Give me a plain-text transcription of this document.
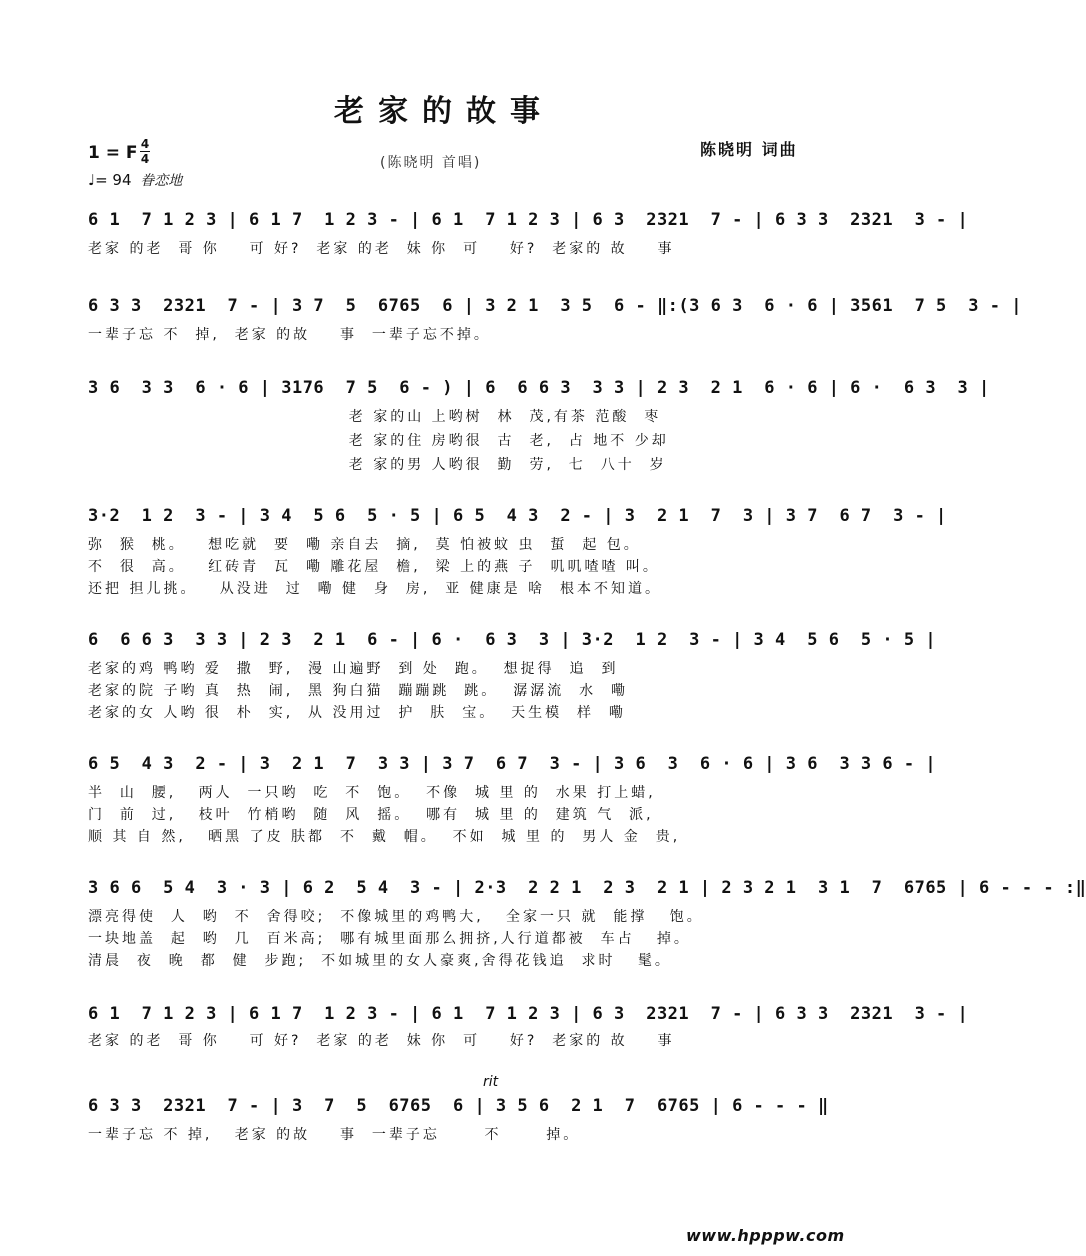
老家的故事
1 = F 4
4
♩= 94 眷恋地
(陈晓明 首唱)
陈晓明 词曲
6 1  7 1 2 3 | 6 1 7  1 2 3 - | 6 1  7 1 2 3 | 6 3  2321  7 - | 6 3 3  2321  3 - |
老家 的老  哥 你    可 好?  老家 的老  妹 你  可    好?  老家的 故    事
6 3 3  2321  7 - | 3 7  5  6765  6 | 3 2 1  3 5  6 - ‖:(3 6 3  6 · 6 | 3561  7 5  3 - |
一辈子忘 不  掉,  老家 的故    事  一辈子忘不掉。
3 6  3 3  6 · 6 | 3176  7 5  6 - ) | 6  6 6 3  3 3 | 2 3  2 1  6 · 6 | 6 ·  6 3  3 |
老 家的山 上哟树  林  茂,有茶 范酸  枣
老 家的住 房哟很  古  老,  占 地不 少却
老 家的男 人哟很  勤  劳,  七  八十  岁
3·2  1 2  3 - | 3 4  5 6  5 · 5 | 6 5  4 3  2 - | 3  2 1  7  3 | 3 7  6 7  3 - |
弥  猴  桃。   想吃就  要  嘞 亲自去  摘,  莫 怕被蚊 虫  蜇  起 包。
不  很  高。   红砖青  瓦  嘞 雕花屋  檐,  梁 上的燕 子  叽叽喳喳 叫。
还把 担儿挑。   从没进  过  嘞 健  身  房,  亚 健康是 啥  根本不知道。
6  6 6 3  3 3 | 2 3  2 1  6 - | 6 ·  6 3  3 | 3·2  1 2  3 - | 3 4  5 6  5 · 5 |
老家的鸡 鸭哟 爱  撒  野,  漫 山遍野  到 处  跑。  想捉得  追  到
老家的院 子哟 真  热  闹,  黑 狗白猫  蹦蹦跳  跳。  潺潺流  水  嘞
老家的女 人哟 很  朴  实,  从 没用过  护  肤  宝。  天生模  样  嘞
6 5  4 3  2 - | 3  2 1  7  3 3 | 3 7  6 7  3 - | 3 6  3  6 · 6 | 3 6  3 3 6 - |
半  山  腰,   两人  一只哟  吃  不  饱。  不像  城 里 的  水果 打上蜡,
门  前  过,   枝叶  竹梢哟  随  风  摇。  哪有  城 里 的  建筑 气  派,
顺 其 自 然,   晒黑 了皮 肤都  不  戴  帽。  不如  城 里 的  男人 金  贵,
3 6 6  5 4  3 · 3 | 6 2  5 4  3 - | 2·3  2 2 1  2 3  2 1 | 2 3 2 1  3 1  7  6765 | 6 - - - :‖
漂亮得使  人  哟  不  舍得咬;  不像城里的鸡鸭大,   全家一只 就  能撑   饱。
一块地盖  起  哟  几  百米高;  哪有城里面那么拥挤,人行道都被  车占   掉。
清晨  夜  晚  都  健  步跑;  不如城里的女人豪爽,舍得花钱追  求时   髦。
6 1  7 1 2 3 | 6 1 7  1 2 3 - | 6 1  7 1 2 3 | 6 3  2321  7 - | 6 3 3  2321  3 - |
老家 的老  哥 你    可 好?  老家 的老  妹 你  可    好?  老家的 故    事
rit
6 3 3  2321  7 - | 3  7  5  6765  6 | 3 5 6  2 1  7  6765 | 6 - - - ‖
一辈子忘 不 掉,   老家 的故    事  一辈子忘      不      掉。
www.hpppw.com
